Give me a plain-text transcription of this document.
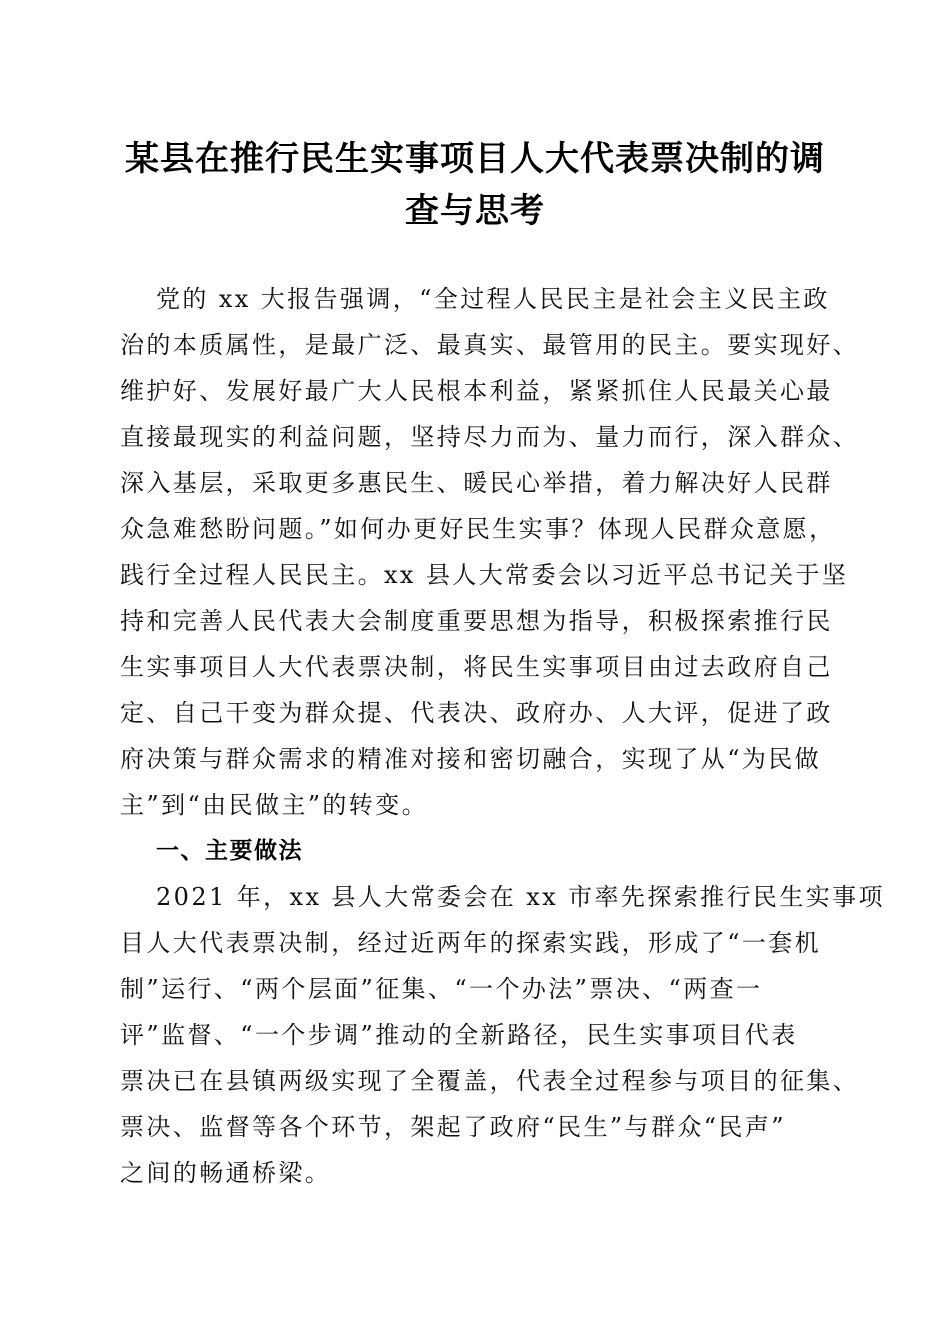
某县在推行民生实事项目人大代表票决制的调
查与思考
党的 xx 大报告强调，“全过程人民民主是社会主义民主政
治的本质属性，是最广泛、最真实、最管用的民主。要实现好、
维护好、发展好最广大人民根本利益，紧紧抓住人民最关心最
直接最现实的利益问题，坚持尽力而为、量力而行，深入群众、
深入基层，采取更多惠民生、暖民心举措，着力解决好人民群
众急难愁盼问题。”如何办更好民生实事？体现人民群众意愿，
践行全过程人民民主。xx 县人大常委会以习近平总书记关于坚
持和完善人民代表大会制度重要思想为指导，积极探索推行民
生实事项目人大代表票决制，将民生实事项目由过去政府自己
定、自己干变为群众提、代表决、政府办、人大评，促进了政
府决策与群众需求的精准对接和密切融合，实现了从“为民做
主”到“由民做主”的转变。
一、主要做法
2021 年，xx 县人大常委会在 xx 市率先探索推行民生实事项
目人大代表票决制，经过近两年的探索实践，形成了“一套机
制”运行、“两个层面”征集、“一个办法”票决、“两查一
评”监督、“一个步调”推动的全新路径，民生实事项目代表
票决已在县镇两级实现了全覆盖，代表全过程参与项目的征集、
票决、监督等各个环节，架起了政府“民生”与群众“民声”
之间的畅通桥梁。
